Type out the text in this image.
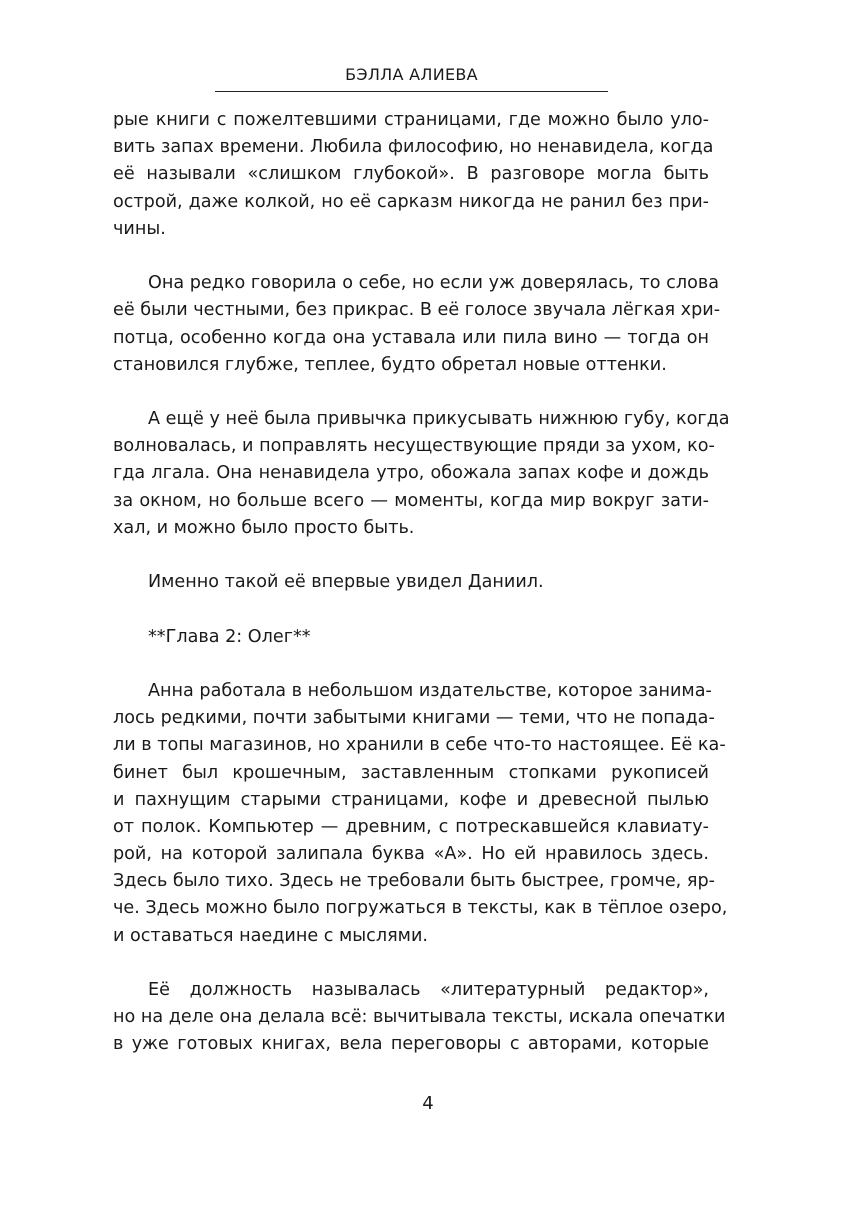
БЭЛЛА АЛИЕВА
рые книги с пожелтевшими страницами, где можно было уло-
вить запах времени. Любила философию, но ненавидела, когда
её называли «слишком глубокой». В разговоре могла быть
острой, даже колкой, но её сарказм никогда не ранил без при-
чины.
Она редко говорила о себе, но если уж доверялась, то слова
её были честными, без прикрас. В её голосе звучала лёгкая хри-
потца, особенно когда она уставала или пила вино — тогда он
становился глубже, теплее, будто обретал новые оттенки.
А ещё у неё была привычка прикусывать нижнюю губу, когда
волновалась, и поправлять несуществующие пряди за ухом, ко-
гда лгала. Она ненавидела утро, обожала запах кофе и дождь
за окном, но больше всего — моменты, когда мир вокруг зати-
хал, и можно было просто быть.
Именно такой её впервые увидел Даниил.
**Глава 2: Олег**
Анна работала в небольшом издательстве, которое занима-
лось редкими, почти забытыми книгами — теми, что не попада-
ли в топы магазинов, но хранили в себе что-то настоящее. Её ка-
бинет был крошечным, заставленным стопками рукописей
и пахнущим старыми страницами, кофе и древесной пылью
от полок. Компьютер — древним, с потрескавшейся клавиату-
рой, на которой залипала буква «А». Но ей нравилось здесь.
Здесь было тихо. Здесь не требовали быть быстрее, громче, яр-
че. Здесь можно было погружаться в тексты, как в тёплое озеро,
и оставаться наедине с мыслями.
Её должность называлась «литературный редактор»,
но на деле она делала всё: вычитывала тексты, искала опечатки
в уже готовых книгах, вела переговоры с авторами, которые
4
